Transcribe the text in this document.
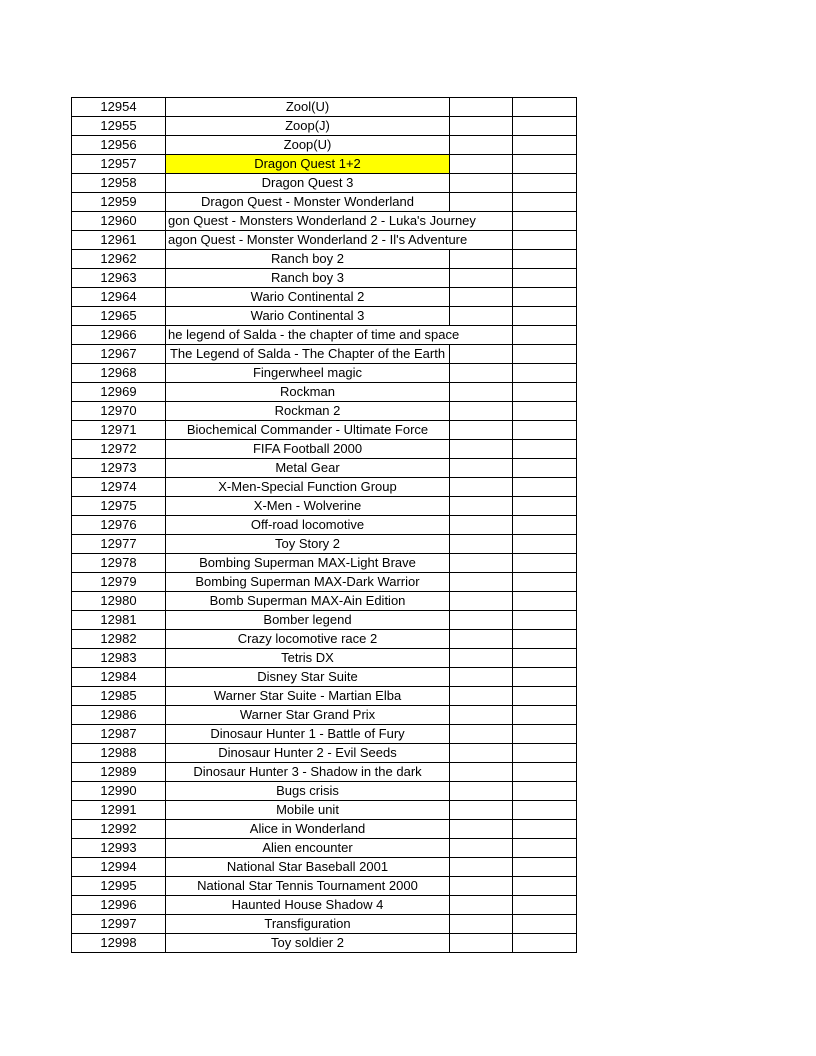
12954	Zool(U)
12955	Zoop(J)
12956	Zoop(U)
12957	Dragon Quest 1+2
12958	Dragon Quest 3
12959	Dragon Quest - Monster Wonderland
12960	gon Quest - Monsters Wonderland 2 - Luka's Journey
12961	agon Quest - Monster Wonderland 2 - Il's Adventure
12962	Ranch boy 2
12963	Ranch boy 3
12964	Wario Continental 2
12965	Wario Continental 3
12966	he legend of Salda - the chapter of time and space
12967	The Legend of Salda - The Chapter of the Earth
12968	Fingerwheel magic
12969	Rockman
12970	Rockman 2
12971	Biochemical Commander - Ultimate Force
12972	FIFA Football 2000
12973	Metal Gear
12974	X-Men-Special Function Group
12975	X-Men - Wolverine
12976	Off-road locomotive
12977	Toy Story 2
12978	Bombing Superman MAX-Light Brave
12979	Bombing Superman MAX-Dark Warrior
12980	Bomb Superman MAX-Ain Edition
12981	Bomber legend
12982	Crazy locomotive race 2
12983	Tetris DX
12984	Disney Star Suite
12985	Warner Star Suite - Martian Elba
12986	Warner Star Grand Prix
12987	Dinosaur Hunter 1 - Battle of Fury
12988	Dinosaur Hunter 2 - Evil Seeds
12989	Dinosaur Hunter 3 - Shadow in the dark
12990	Bugs crisis
12991	Mobile unit
12992	Alice in Wonderland
12993	Alien encounter
12994	National Star Baseball 2001
12995	National Star Tennis Tournament 2000
12996	Haunted House Shadow 4
12997	Transfiguration
12998	Toy soldier 2
